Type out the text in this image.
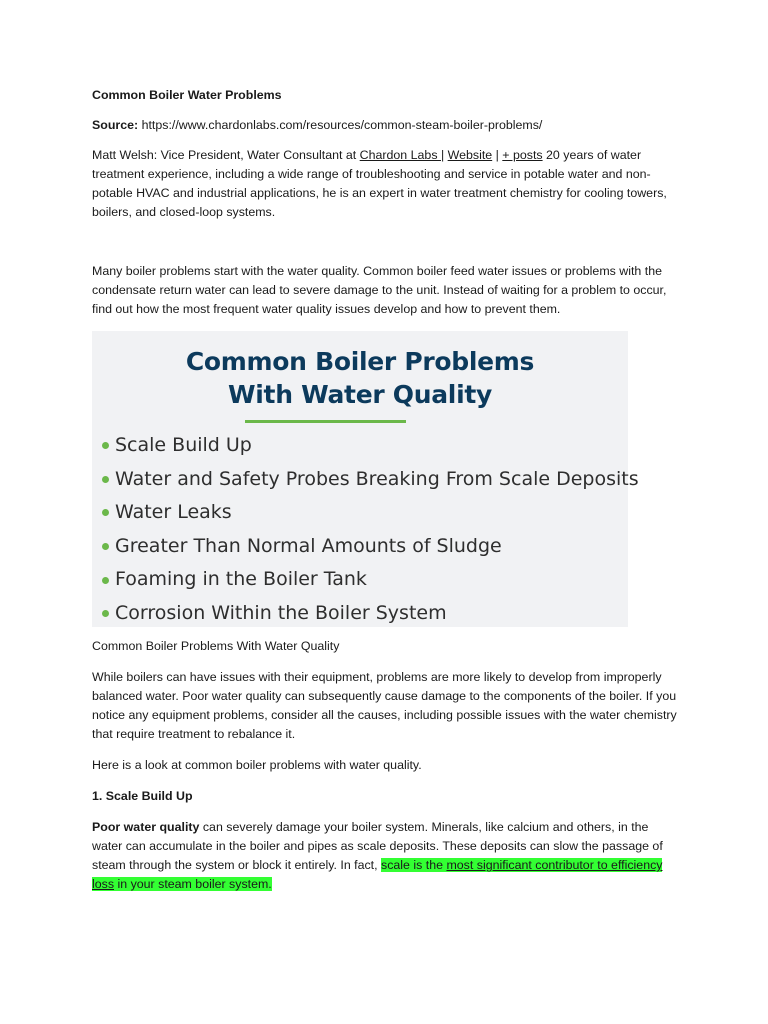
Common Boiler Water Problems

Source: https://www.chardonlabs.com/resources/common-steam-boiler-problems/

Matt Welsh: Vice President, Water Consultant at Chardon Labs | Website | + posts 20 years of water treatment experience, including a wide range of troubleshooting and service in potable water and non-potable HVAC and industrial applications, he is an expert in water treatment chemistry for cooling towers, boilers, and closed-loop systems.

Many boiler problems start with the water quality. Common boiler feed water issues or problems with the condensate return water can lead to severe damage to the unit. Instead of waiting for a problem to occur, find out how the most frequent water quality issues develop and how to prevent them.

Common Boiler Problems
With Water Quality
Scale Build Up
Water and Safety Probes Breaking From Scale Deposits
Water Leaks
Greater Than Normal Amounts of Sludge
Foaming in the Boiler Tank
Corrosion Within the Boiler System

Common Boiler Problems With Water Quality

While boilers can have issues with their equipment, problems are more likely to develop from improperly balanced water. Poor water quality can subsequently cause damage to the components of the boiler. If you notice any equipment problems, consider all the causes, including possible issues with the water chemistry that require treatment to rebalance it.

Here is a look at common boiler problems with water quality.

1. Scale Build Up

Poor water quality can severely damage your boiler system. Minerals, like calcium and others, in the water can accumulate in the boiler and pipes as scale deposits. These deposits can slow the passage of steam through the system or block it entirely. In fact, scale is the most significant contributor to efficiency loss in your steam boiler system.
